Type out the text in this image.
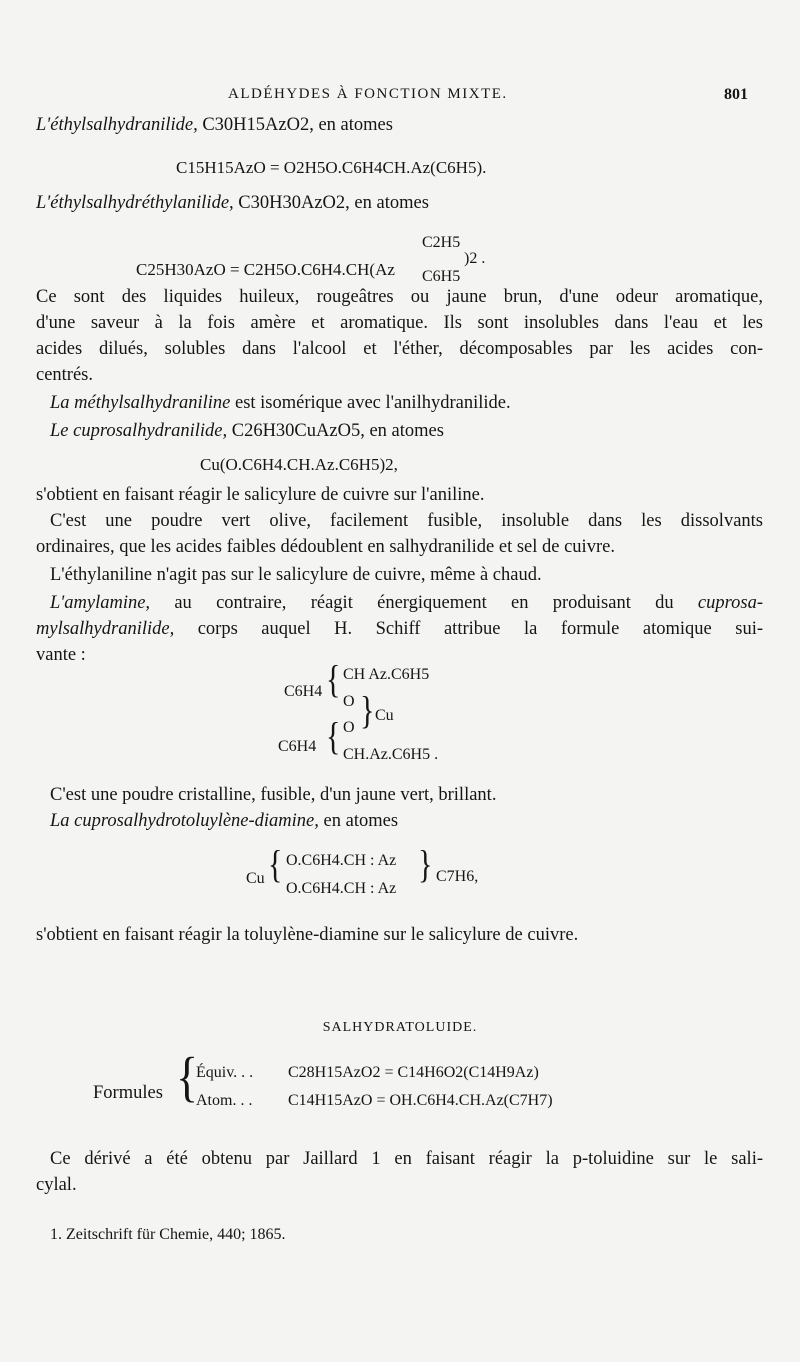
ALDÉHYDES À FONCTION MIXTE.	801
L'éthylsalhydranilide, C30H15AzO2, en atomes
C15H15AzO = O2H5O.C6H4CH.Az(C6H5).
L'éthylsalhydréthylanilide, C30H30AzO2, en atomes
C25H30AzO = C2H5O.C6H4.CH(Az
C2H5
C6H5
)2 .
Ce sont des liquides huileux, rougeâtres ou jaune brun, d'une odeur aromatique,
d'une saveur à la fois amère et aromatique. Ils sont insolubles dans l'eau et les
acides dilués, solubles dans l'alcool et l'éther, décomposables par les acides con-
centrés.
La méthylsalhydraniline est isomérique avec l'anilhydranilide.
Le cuprosalhydranilide, C26H30CuAzO5, en atomes
Cu(O.C6H4.CH.Az.C6H5)2,
s'obtient en faisant réagir le salicylure de cuivre sur l'aniline.
C'est une poudre vert olive, facilement fusible, insoluble dans les dissolvants
ordinaires, que les acides faibles dédoublent en salhydranilide et sel de cuivre.
L'éthylaniline n'agit pas sur le salicylure de cuivre, même à chaud.
L'amylamine, au contraire, réagit énergiquement en produisant du cuprosa-
mylsalhydranilide, corps auquel H. Schiff attribue la formule atomique sui-
vante :
C6H4
C6H4
{
{
CH Az.C6H5
O
O
CH.Az.C6H5 .
} Cu
C'est une poudre cristalline, fusible, d'un jaune vert, brillant.
La cuprosalhydrotoluylène-diamine, en atomes
Cu { O.C6H4.CH : Az
O.C6H4.CH : Az
} C7H6,
s'obtient en faisant réagir la toluylène-diamine sur le salicylure de cuivre.
SALHYDRATOLUIDE.
Formules {
Équiv. . . C28H15AzO2 = C14H6O2(C14H9Az)
Atom. . . C14H15AzO = OH.C6H4.CH.Az(C7H7)
Ce dérivé a été obtenu par Jaillard 1 en faisant réagir la p-toluidine sur le sali-
cylal.
1. Zeitschrift für Chemie, 440; 1865.
